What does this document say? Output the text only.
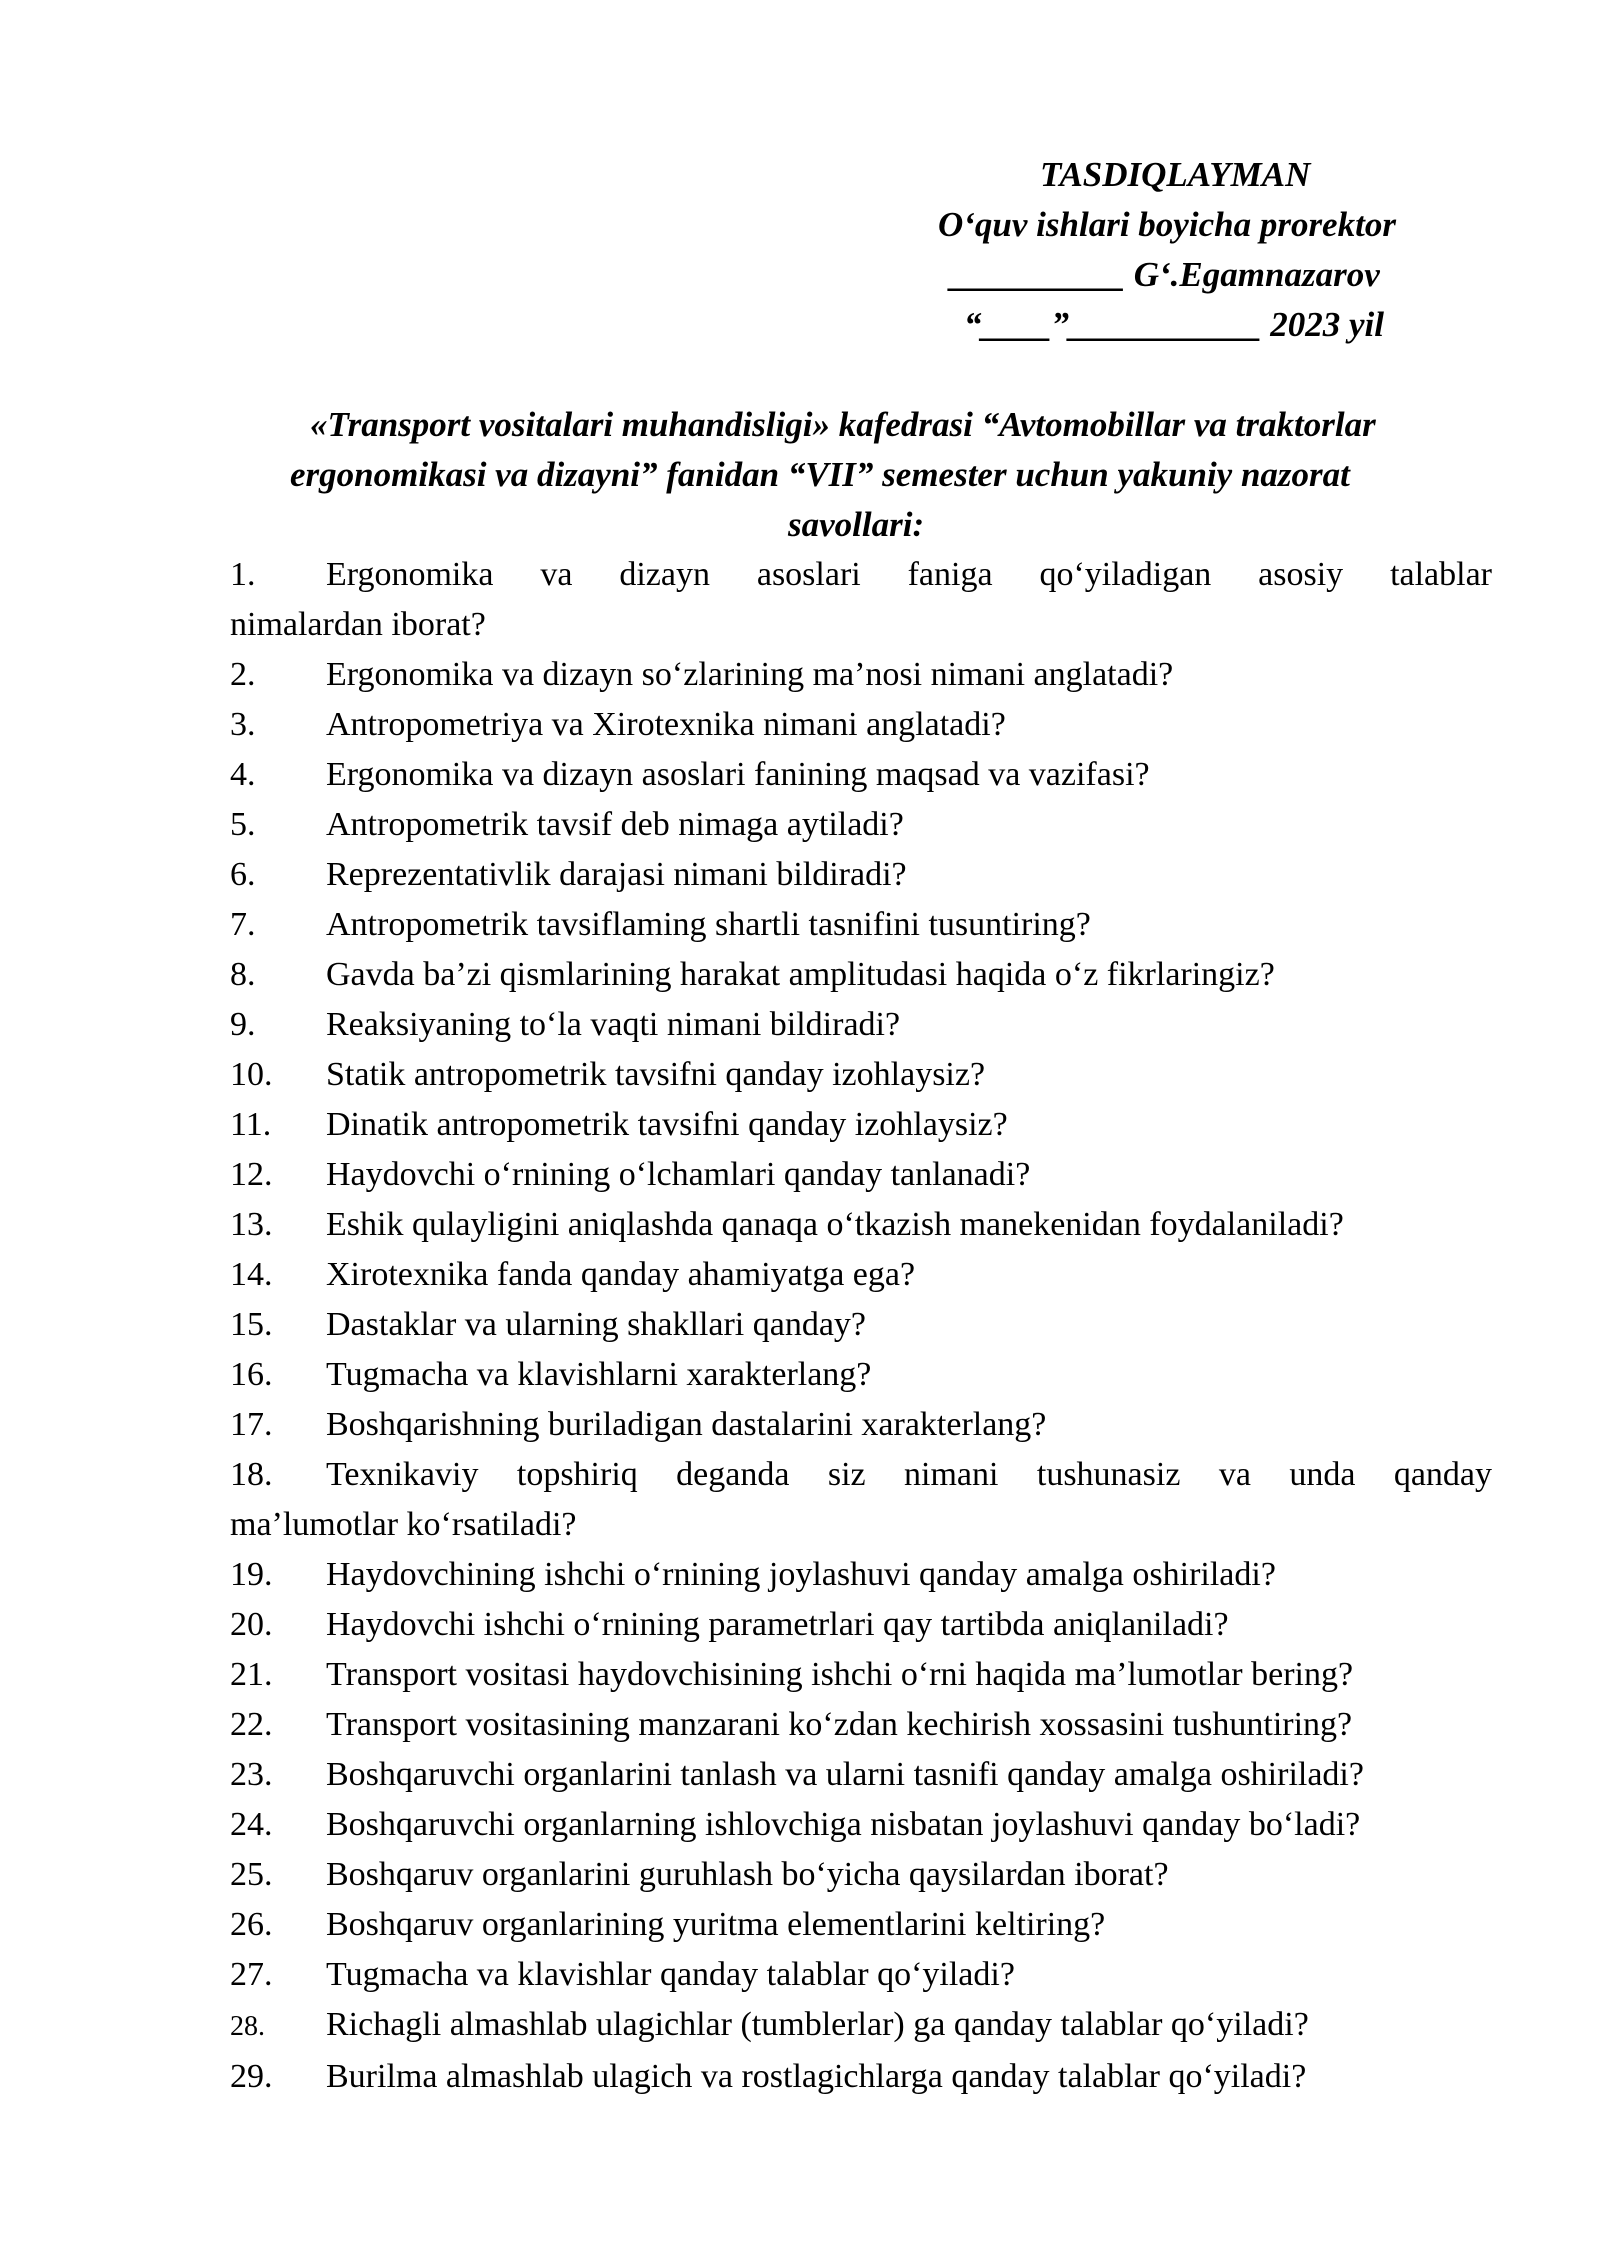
TASDIQLAYMAN
O‘quv ishlari boyicha prorektor
__________ G‘.Egamnazarov
“____”___________ 2023 yil
«Transport vositalari muhandisligi» kafedrasi “Avtomobillar va traktorlar
ergonomikasi va dizayni” fanidan “VII” semester uchun yakuniy nazorat
savollari:
1. Ergonomika va dizayn asoslari faniga qo‘yiladigan asosiy talablar
nimalardan iborat?
2. Ergonomika va dizayn so‘zlarining ma’nosi nimani anglatadi?
3. Antropometriya va Xirotexnika nimani anglatadi?
4. Ergonomika va dizayn asoslari fanining maqsad va vazifasi?
5. Antropometrik tavsif deb nimaga aytiladi?
6. Reprezentativlik darajasi nimani bildiradi?
7. Antropometrik tavsiflaming shartli tasnifini tusuntiring?
8. Gavda ba’zi qismlarining harakat amplitudasi haqida o‘z fikrlaringiz?
9. Reaksiyaning to‘la vaqti nimani bildiradi?
10. Statik antropometrik tavsifni qanday izohlaysiz?
11. Dinatik antropometrik tavsifni qanday izohlaysiz?
12. Haydovchi o‘rnining o‘lchamlari qanday tanlanadi?
13. Eshik qulayligini aniqlashda qanaqa o‘tkazish manekenidan foydalaniladi?
14. Xirotexnika fanda qanday ahamiyatga ega?
15. Dastaklar va ularning shakllari qanday?
16. Tugmacha va klavishlarni xarakterlang?
17. Boshqarishning buriladigan dastalarini xarakterlang?
18. Texnikaviy topshiriq deganda siz nimani tushunasiz va unda qanday
ma’lumotlar ko‘rsatiladi?
19. Haydovchining ishchi o‘rnining joylashuvi qanday amalga oshiriladi?
20. Haydovchi ishchi o‘rnining parametrlari qay tartibda aniqlaniladi?
21. Transport vositasi haydovchisining ishchi o‘rni haqida ma’lumotlar bering?
22. Transport vositasining manzarani ko‘zdan kechirish xossasini tushuntiring?
23. Boshqaruvchi organlarini tanlash va ularni tasnifi qanday amalga oshiriladi?
24. Boshqaruvchi organlarning ishlovchiga nisbatan joylashuvi qanday bo‘ladi?
25. Boshqaruv organlarini guruhlash bo‘yicha qaysilardan iborat?
26. Boshqaruv organlarining yuritma elementlarini keltiring?
27. Tugmacha va klavishlar qanday talablar qo‘yiladi?
28. Richagli almashlab ulagichlar (tumblerlar) ga qanday talablar qo‘yiladi?
29. Burilma almashlab ulagich va rostlagichlarga qanday talablar qo‘yiladi?
